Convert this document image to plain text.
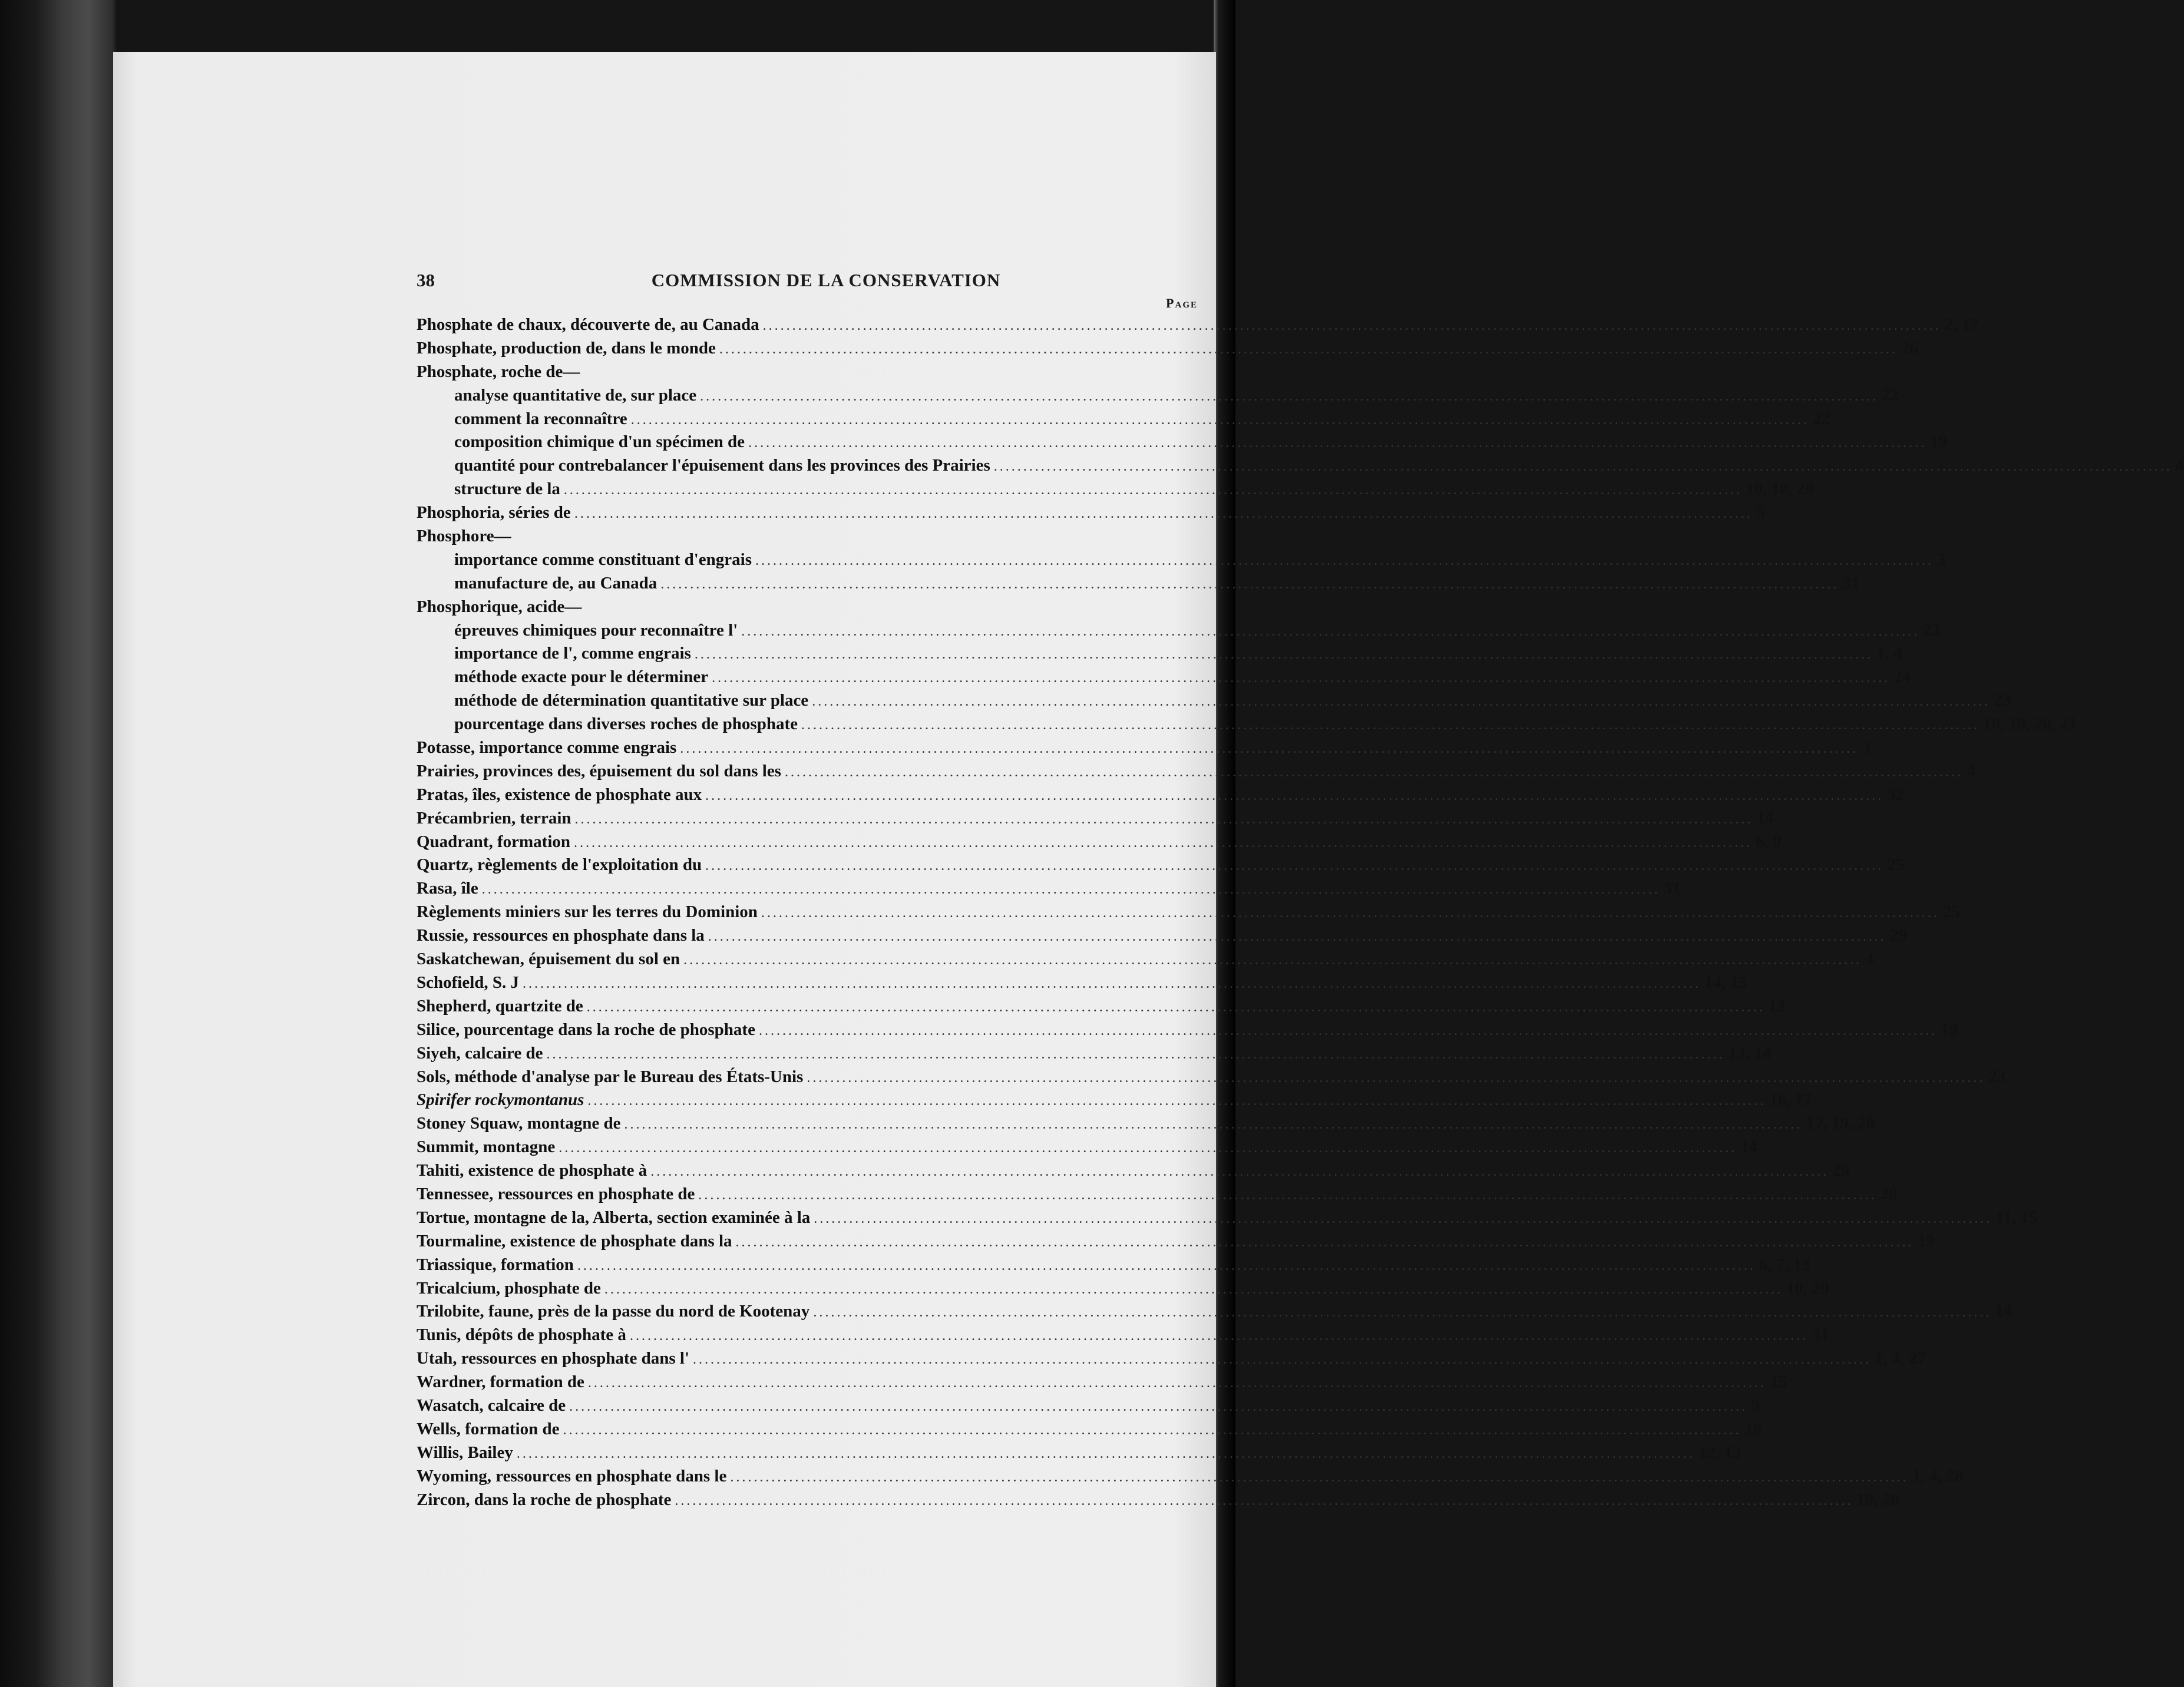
38	COMMISSION DE LA CONSERVATION
Page
Phosphate de chaux, découverte de, au Canada ........................................................................................................................................................................................................ 2, 17
Phosphate, production de, dans le monde ........................................................................................................................................................................................................ 26
Phosphate, roche de—
analyse quantitative de, sur place ........................................................................................................................................................................................................ 22
comment la reconnaître ........................................................................................................................................................................................................ 22
composition chimique d'un spécimen de ........................................................................................................................................................................................................ 19
quantité pour contrebalancer l'épuisement dans les provinces des Prairies ........................................................................................................................................................................................................ 4
structure de la ........................................................................................................................................................................................................ 10, 18, 20
Phosphoria, séries de ........................................................................................................................................................................................................ 5
Phosphore—
importance comme constituant d'engrais ........................................................................................................................................................................................................ 3
manufacture de, au Canada ........................................................................................................................................................................................................ 31
Phosphorique, acide—
épreuves chimiques pour reconnaître l' ........................................................................................................................................................................................................ 23
importance de l', comme engrais ........................................................................................................................................................................................................ 1, 4
méthode exacte pour le déterminer ........................................................................................................................................................................................................ 24
méthode de détermination quantitative sur place ........................................................................................................................................................................................................ 23
pourcentage dans diverses roches de phosphate ........................................................................................................................................................................................................ 10, 19, 20, 21
Potasse, importance comme engrais ........................................................................................................................................................................................................ 3
Prairies, provinces des, épuisement du sol dans les ........................................................................................................................................................................................................ 4
Pratas, îles, existence de phosphate aux ........................................................................................................................................................................................................ 32
Précambrien, terrain ........................................................................................................................................................................................................ 14
Quadrant, formation ........................................................................................................................................................................................................ 6, 9
Quartz, règlements de l'exploitation du ........................................................................................................................................................................................................ 25
Rasa, île ........................................................................................................................................................................................................ 31
Règlements miniers sur les terres du Dominion ........................................................................................................................................................................................................ 25
Russie, ressources en phosphate dans la ........................................................................................................................................................................................................ 29
Saskatchewan, épuisement du sol en ........................................................................................................................................................................................................ 4
Schofield, S. J ........................................................................................................................................................................................................ 14, 15
Shepherd, quartzite de ........................................................................................................................................................................................................ 13
Silice, pourcentage dans la roche de phosphate ........................................................................................................................................................................................................ 19
Siyeh, calcaire de ........................................................................................................................................................................................................ 13, 14
Sols, méthode d'analyse par le Bureau des États-Unis ........................................................................................................................................................................................................ 23
Spirifer rockymontanus ........................................................................................................................................................................................................ 16, 17
Stoney Squaw, montagne de ........................................................................................................................................................................................................ 17, 19, 20
Summit, montagne ........................................................................................................................................................................................................ 14
Tahiti, existence de phosphate à ........................................................................................................................................................................................................ 29
Tennessee, ressources en phosphate de ........................................................................................................................................................................................................ 28
Tortue, montagne de la, Alberta, section examinée à la ........................................................................................................................................................................................................ 11, 15
Tourmaline, existence de phosphate dans la ........................................................................................................................................................................................................ 19
Triassique, formation ........................................................................................................................................................................................................ 6, 7, 13
Tricalcium, phosphate de ........................................................................................................................................................................................................ 10, 20
Trilobite, faune, près de la passe du nord de Kootenay ........................................................................................................................................................................................................ 14
Tunis, dépôts de phosphate à ........................................................................................................................................................................................................ 31
Utah, ressources en phosphate dans l' ........................................................................................................................................................................................................ 1, 4, 27
Wardner, formation de ........................................................................................................................................................................................................ 15
Wasatch, calcaire de ........................................................................................................................................................................................................ 9
Wells, formation de ........................................................................................................................................................................................................ 16
Willis, Bailey ........................................................................................................................................................................................................ 12, 13
Wyoming, ressources en phosphate dans le ........................................................................................................................................................................................................ 1, 4, 28
Zircon, dans la roche de phosphate ........................................................................................................................................................................................................ 19, 20
